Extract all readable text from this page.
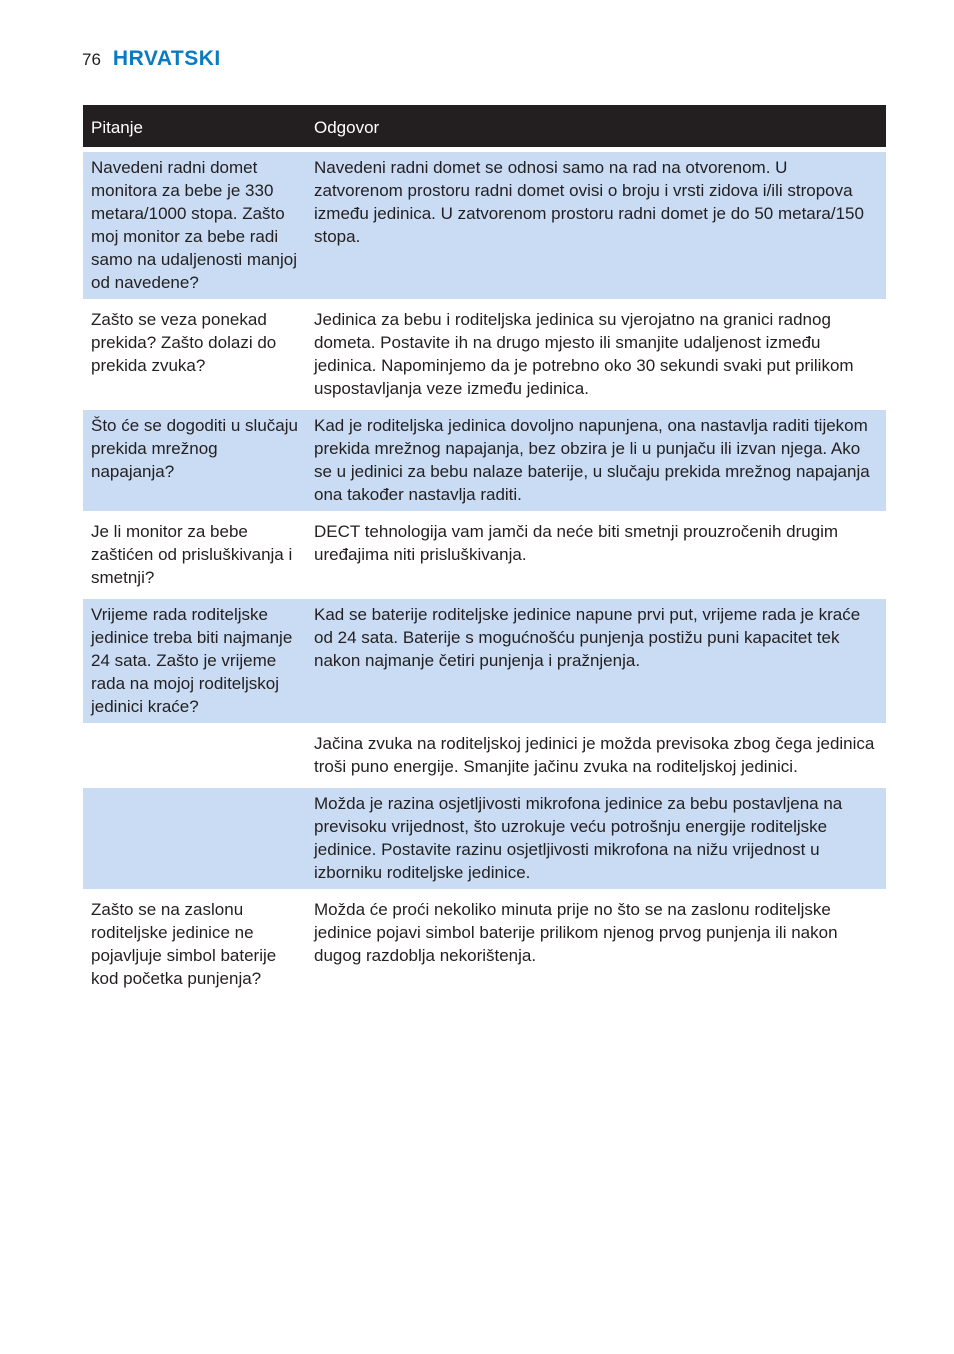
76 HRVATSKI
Pitanje	Odgovor
Navedeni radni domet monitora za bebe je 330 metara/1000 stopa. Zašto moj monitor za bebe radi samo na udaljenosti manjoj od navedene?	Navedeni radni domet se odnosi samo na rad na otvorenom. U zatvorenom prostoru radni domet ovisi o broju i vrsti zidova i/ili stropova između jedinica. U zatvorenom prostoru radni domet je do 50 metara/150 stopa.
Zašto se veza ponekad prekida? Zašto dolazi do prekida zvuka?	Jedinica za bebu i roditeljska jedinica su vjerojatno na granici radnog dometa. Postavite ih na drugo mjesto ili smanjite udaljenost između jedinica. Napominjemo da je potrebno oko 30 sekundi svaki put prilikom uspostavljanja veze između jedinica.
Što će se dogoditi u slučaju prekida mrežnog napajanja?	Kad je roditeljska jedinica dovoljno napunjena, ona nastavlja raditi tijekom prekida mrežnog napajanja, bez obzira je li u punjaču ili izvan njega. Ako se u jedinici za bebu nalaze baterije, u slučaju prekida mrežnog napajanja ona također nastavlja raditi.
Je li monitor za bebe zaštićen od prisluškivanja i smetnji?	DECT tehnologija vam jamči da neće biti smetnji prouzročenih drugim uređajima niti prisluškivanja.
Vrijeme rada roditeljske jedinice treba biti najmanje 24 sata. Zašto je vrijeme rada na mojoj roditeljskoj jedinici kraće?	Kad se baterije roditeljske jedinice napune prvi put, vrijeme rada je kraće od 24 sata. Baterije s mogućnošću punjenja postižu puni kapacitet tek nakon najmanje četiri punjenja i pražnjenja.
	Jačina zvuka na roditeljskoj jedinici je možda previsoka zbog čega jedinica troši puno energije. Smanjite jačinu zvuka na roditeljskoj jedinici.
	Možda je razina osjetljivosti mikrofona jedinice za bebu postavljena na previsoku vrijednost, što uzrokuje veću potrošnju energije roditeljske jedinice. Postavite razinu osjetljivosti mikrofona na nižu vrijednost u izborniku roditeljske jedinice.
Zašto se na zaslonu roditeljske jedinice ne pojavljuje simbol baterije kod početka punjenja?	Možda će proći nekoliko minuta prije no što se na zaslonu roditeljske jedinice pojavi simbol baterije prilikom njenog prvog punjenja ili nakon dugog razdoblja nekorištenja.
